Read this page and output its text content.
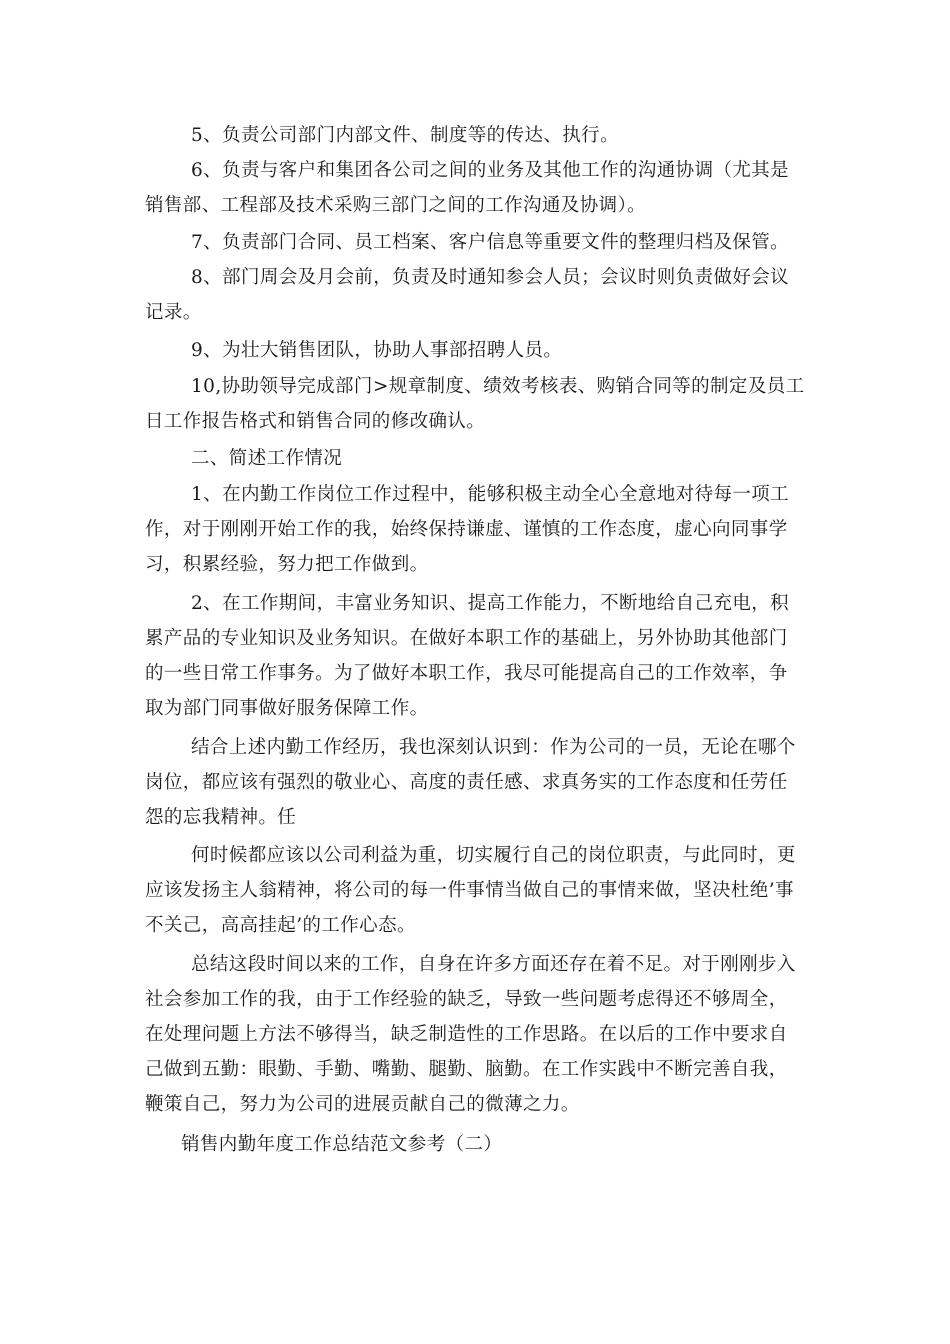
5、负责公司部门内部文件、制度等的传达、执行。

6、负责与客户和集团各公司之间的业务及其他工作的沟通协调（尤其是销售部、工程部及技术采购三部门之间的工作沟通及协调）。

7、负责部门合同、员工档案、客户信息等重要文件的整理归档及保管。

8、部门周会及月会前，负责及时通知参会人员；会议时则负责做好会议记录。

9、为壮大销售团队，协助人事部招聘人员。

10,协助领导完成部门>规章制度、绩效考核表、购销合同等的制定及员工日工作报告格式和销售合同的修改确认。

二、简述工作情况

1、在内勤工作岗位工作过程中，能够积极主动全心全意地对待每一项工作，对于刚刚开始工作的我，始终保持谦虚、谨慎的工作态度，虚心向同事学习，积累经验，努力把工作做到。

2、在工作期间，丰富业务知识、提高工作能力，不断地给自己充电，积累产品的专业知识及业务知识。在做好本职工作的基础上，另外协助其他部门的一些日常工作事务。为了做好本职工作，我尽可能提高自己的工作效率，争取为部门同事做好服务保障工作。

结合上述内勤工作经历，我也深刻认识到：作为公司的一员，无论在哪个岗位，都应该有强烈的敬业心、高度的责任感、求真务实的工作态度和任劳任怨的忘我精神。任

何时候都应该以公司利益为重，切实履行自己的岗位职责，与此同时，更应该发扬主人翁精神，将公司的每一件事情当做自己的事情来做，坚决杜绝’事不关己，高高挂起’的工作心态。

总结这段时间以来的工作，自身在许多方面还存在着不足。对于刚刚步入社会参加工作的我，由于工作经验的缺乏，导致一些问题考虑得还不够周全，在处理问题上方法不够得当，缺乏制造性的工作思路。在以后的工作中要求自己做到五勤：眼勤、手勤、嘴勤、腿勤、脑勤。在工作实践中不断完善自我，鞭策自己，努力为公司的进展贡献自己的微薄之力。

销售内勤年度工作总结范文参考（二）
